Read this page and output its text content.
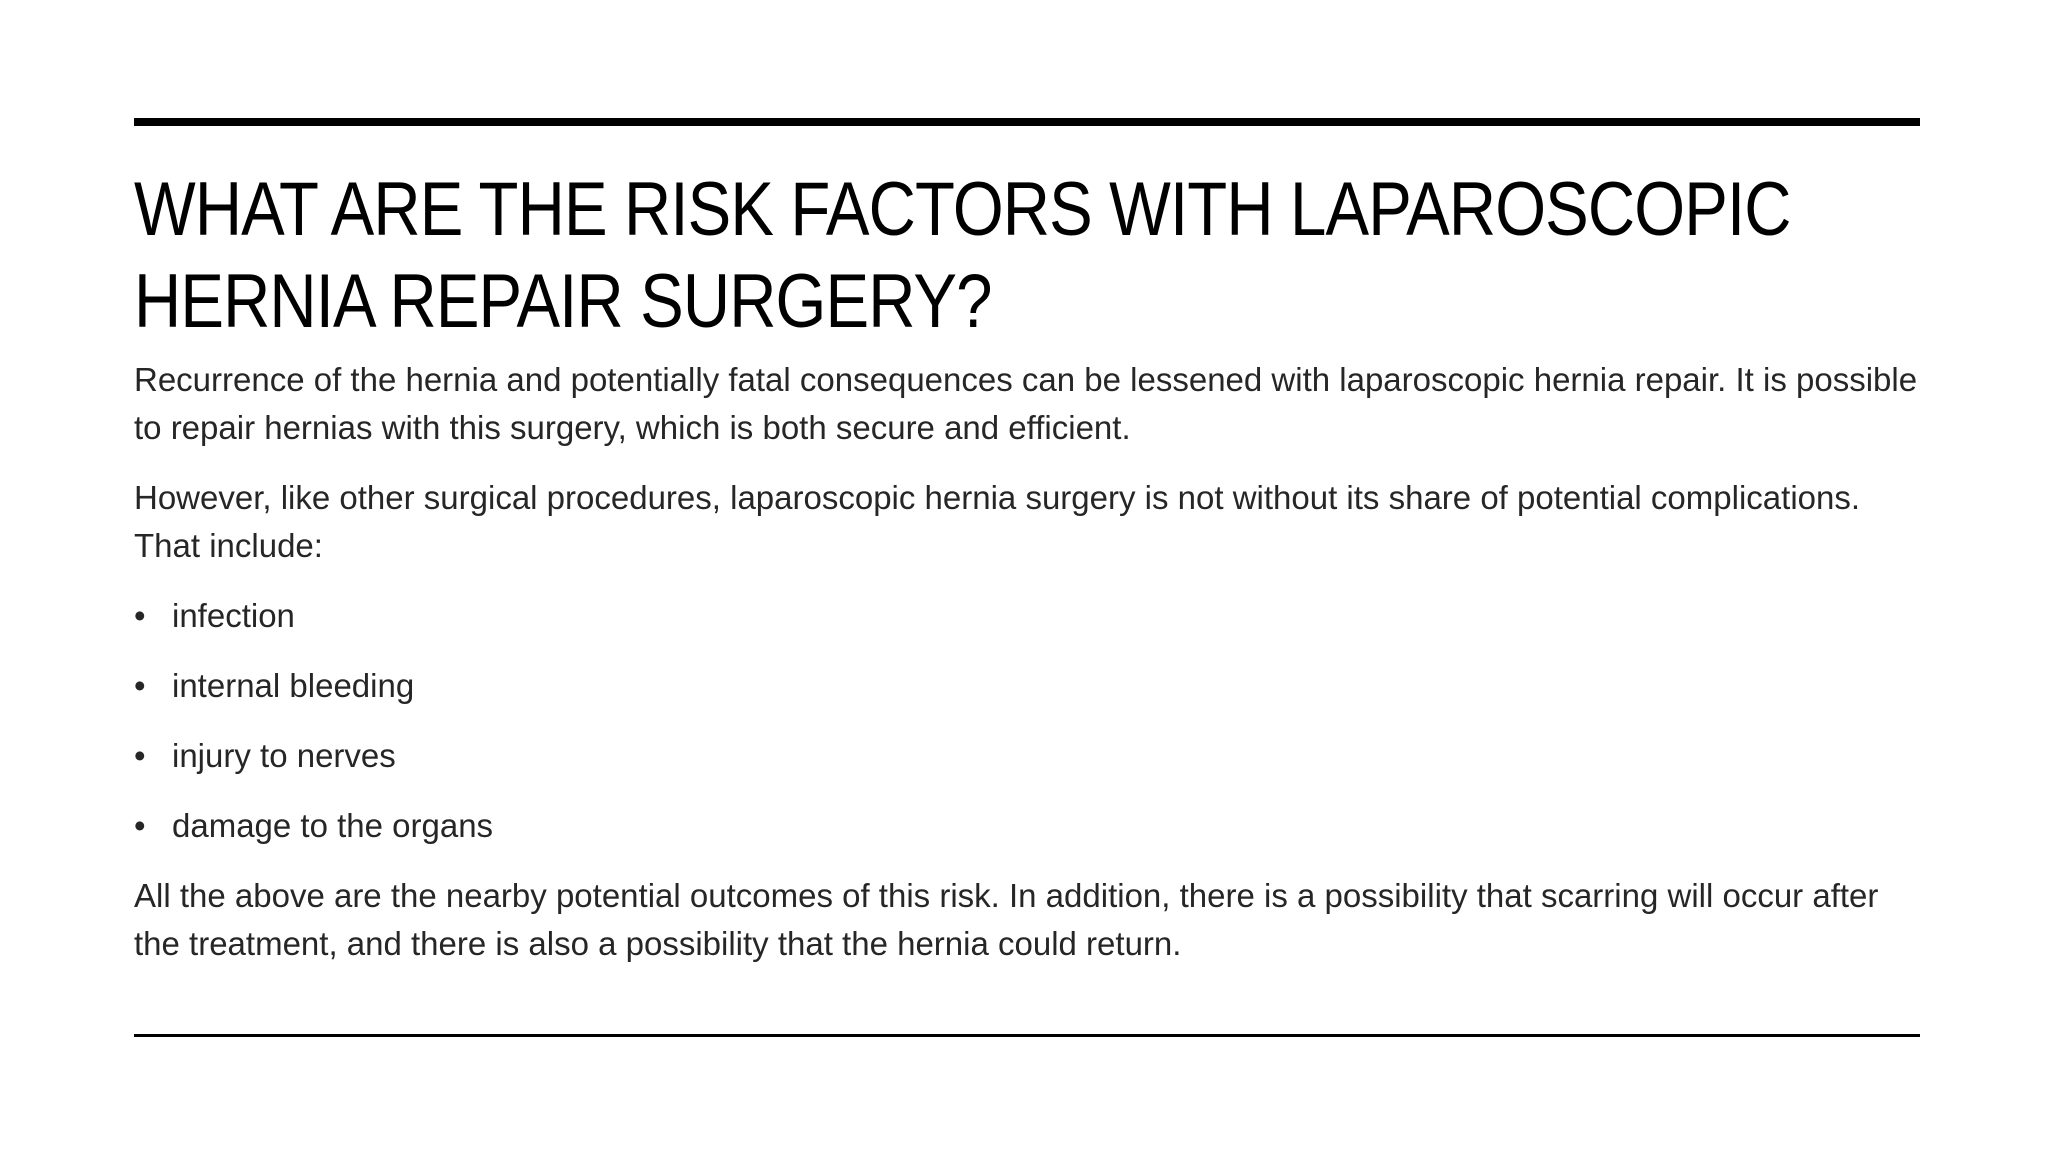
WHAT ARE THE RISK FACTORS WITH LAPAROSCOPIC HERNIA REPAIR SURGERY?

Recurrence of the hernia and potentially fatal consequences can be lessened with laparoscopic hernia repair. It is possible to repair hernias with this surgery, which is both secure and efficient.

However, like other surgical procedures, laparoscopic hernia surgery is not without its share of potential complications. That include:

• infection
• internal bleeding
• injury to nerves
• damage to the organs

All the above are the nearby potential outcomes of this risk. In addition, there is a possibility that scarring will occur after the treatment, and there is also a possibility that the hernia could return.
